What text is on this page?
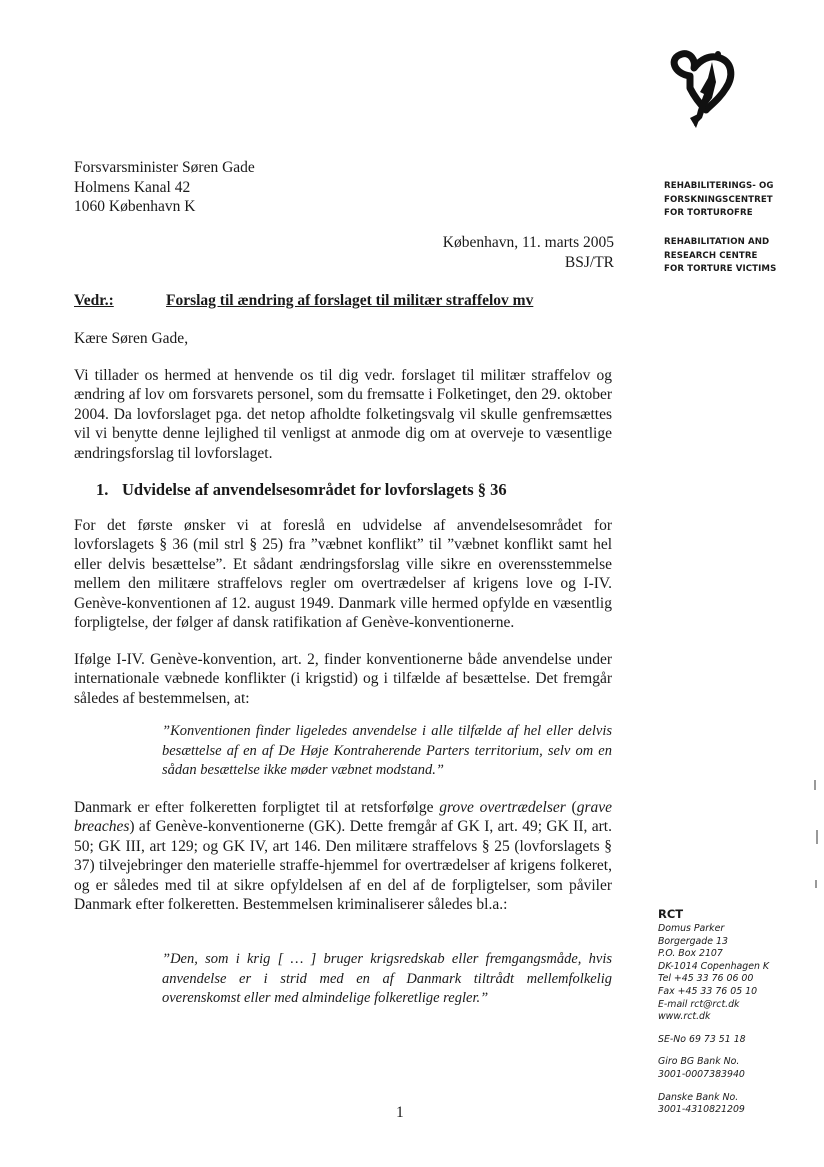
REHABILITERINGS- OG
FORSKNINGSCENTRET
FOR TORTUROFRE
REHABILITATION AND
RESEARCH CENTRE
FOR TORTURE VICTIMS
Forsvarsminister Søren Gade
Holmens Kanal 42
1060 København K
København, 11. marts 2005
BSJ/TR
Vedr.:	Forslag til ændring af forslaget til militær straffelov mv
Kære Søren Gade,
Vi tillader os hermed at henvende os til dig vedr. forslaget til militær straffelov og ændring af lov om forsvarets personel, som du fremsatte i Folketinget, den 29. oktober 2004. Da lovforslaget pga. det netop afholdte folketingsvalg vil skulle genfremsættes vil vi benytte denne lejlighed til venligst at anmode dig om at overveje to væsentlige ændringsforslag til lovforslaget.
1. Udvidelse af anvendelsesområdet for lovforslagets § 36
For det første ønsker vi at foreslå en udvidelse af anvendelsesområdet for lovforslagets § 36 (mil strl § 25) fra ”væbnet konflikt” til ”væbnet konflikt samt hel eller delvis besættelse”. Et sådant ændringsforslag ville sikre en overensstemmelse mellem den militære straffelovs regler om overtrædelser af krigens love og I-IV. Genève-konventionen af 12. august 1949. Danmark ville hermed opfylde en væsentlig forpligtelse, der følger af dansk ratifikation af Genève-konventionerne.
Ifølge I-IV. Genève-konvention, art. 2, finder konventionerne både anvendelse under internationale væbnede konflikter (i krigstid) og i tilfælde af besættelse. Det fremgår således af bestemmelsen, at:
”Konventionen finder ligeledes anvendelse i alle tilfælde af hel eller delvis besættelse af en af De Høje Kontraherende Parters territorium, selv om en sådan besættelse ikke møder væbnet modstand.”
Danmark er efter folkeretten forpligtet til at retsforfølge grove overtrædelser (grave breaches) af Genève-konventionerne (GK). Dette fremgår af GK I, art. 49; GK II, art. 50; GK III, art 129; og GK IV, art 146. Den militære straffelovs § 25 (lovforslagets § 37) tilvejebringer den materielle straffe-hjemmel for overtrædelser af krigens folkeret, og er således med til at sikre opfyldelsen af en del af de forpligtelser, som påviler Danmark efter folkeretten. Bestemmelsen kriminaliserer således bl.a.:
”Den, som i krig [ … ] bruger krigsredskab eller fremgangsmåde, hvis anvendelse er i strid med en af Danmark tiltrådt mellemfolkelig overenskomst eller med almindelige folkeretlige regler.”
1
RCT
Domus Parker
Borgergade 13
P.O. Box 2107
DK-1014 Copenhagen K
Tel +45 33 76 06 00
Fax +45 33 76 05 10
E-mail rct@rct.dk
www.rct.dk
SE-No 69 73 51 18
Giro BG Bank No.
3001-0007383940
Danske Bank No.
3001-4310821209
